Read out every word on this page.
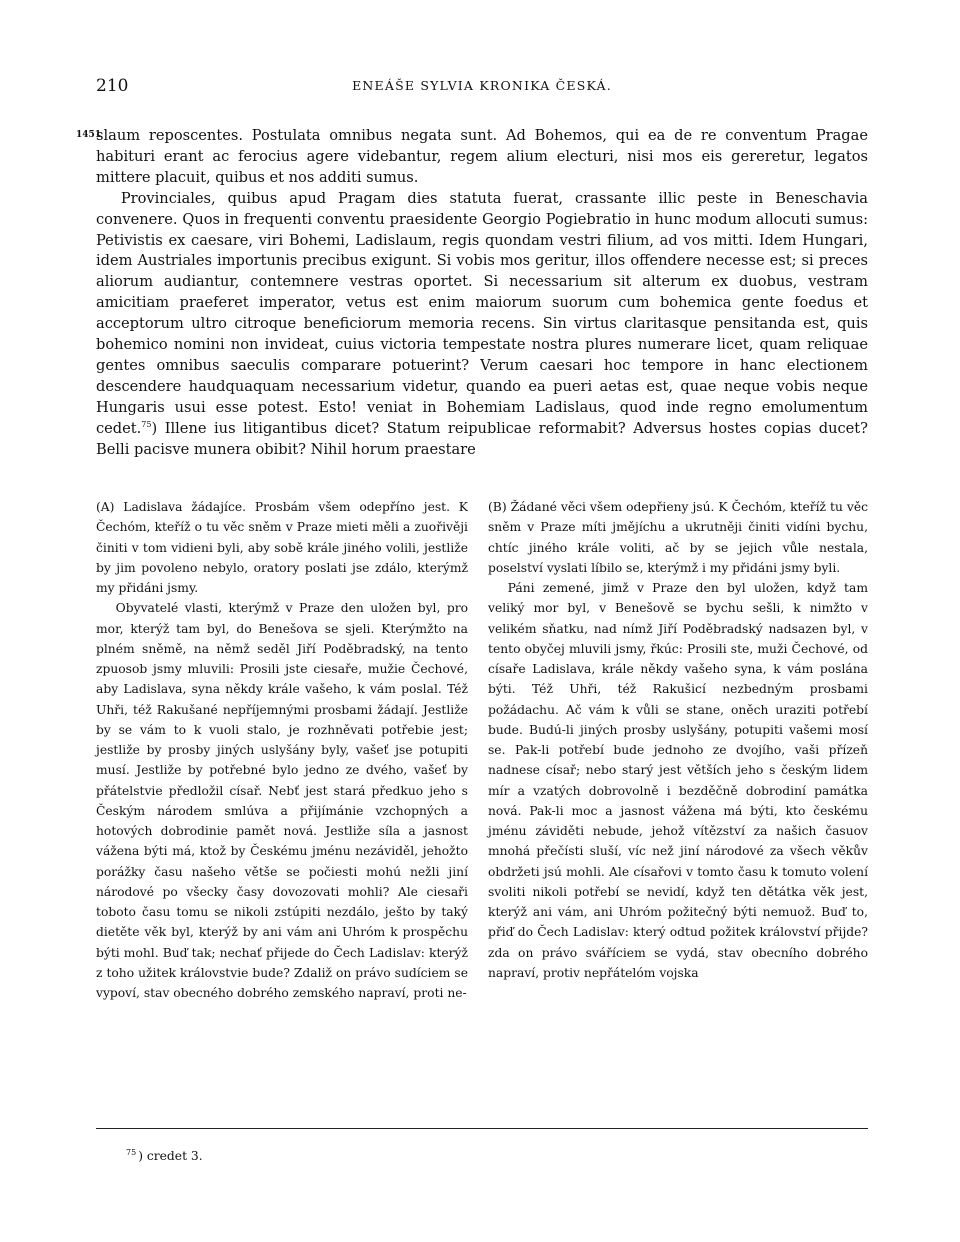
210	ENEÁŠE SYLVIA KRONIKA ČESKÁ.
1451

slaum reposcentes. Postulata omnibus negata sunt. Ad Bohemos, qui ea de re conventum Pragae habituri erant ac ferocius agere videbantur, regem alium electuri, nisi mos eis gereretur, legatos mittere placuit, quibus et nos additi sumus.

Provinciales, quibus apud Pragam dies statuta fuerat, crassante illic peste in Beneschavia convenere. Quos in frequenti conventu praesidente Georgio Pogiebratio in hunc modum allocuti sumus: Petivistis ex caesare, viri Bohemi, Ladislaum, regis quondam vestri filium, ad vos mitti. Idem Hungari, idem Austriales importunis precibus exigunt. Si vobis mos geritur, illos offendere necesse est; si preces aliorum audiantur, contemnere vestras oportet. Si necessarium sit alterum ex duobus, vestram amicitiam praeferet imperator, vetus est enim maiorum suorum cum bohemica gente foedus et acceptorum ultro citroque beneficiorum memoria recens. Sin virtus claritasque pensitanda est, quis bohemico nomini non invideat, cuius victoria tempestate nostra plures numerare licet, quam reliquae gentes omnibus saeculis comparare potuerint? Verum caesari hoc tempore in hanc electionem descendere haudquaquam necessarium videtur, quando ea pueri aetas est, quae neque vobis neque Hungaris usui esse potest. Esto! veniat in Bohemiam Ladislaus, quod inde regno emolumentum cedet.$^{75}$) Illene ius litigantibus dicet? Statum reipublicae reformabit? Adversus hostes copias ducet? Belli pacisve munera obibit? Nihil horum praestare

(A) Ladislava žádajíce. Prosbám všem odepříno jest. K Čechóm, kteříž o tu věc sněm v Praze mieti měli a zuořivěji činiti v tom vidieni byli, aby sobě krále jiného volili, jestliže by jim povoleno nebylo, oratory poslati jse zdálo, kterýmž my přidáni jsmy.

Obyvatelé vlasti, kterýmž v Praze den uložen byl, pro mor, kterýž tam byl, do Benešova se sjeli. Kterýmžto na plném sněmě, na němž seděl Jiří Poděbradský, na tento zpuosob jsmy mluvili: Prosili jste ciesaře, mužie Čechové, aby Ladislava, syna někdy krále vašeho, k vám poslal. Též Uhři, též Rakušané nepříjemnými prosbami žádají. Jestliže by se vám to k vuoli stalo, je rozhněvati potřebie jest; jestliže by prosby jiných uslyšány byly, vašeť jse potupiti musí. Jestliže by potřebné bylo jedno ze dvého, vašeť by přátelstvie předložil císař. Nebť jest stará předkuo jeho s Českým národem smlúva a přijímánie vzchopných a hotových dobrodinie pamět nová. Jestliže síla a jasnost vážena býti má, ktož by Českému jménu nezáviděl, jehožto porážky času našeho větše se počiesti mohú nežli jiní národové po všecky časy dovozovati mohli? Ale ciesaři toboto času tomu se nikoli zstúpiti nezdálo, ješto by taký dietěte věk byl, kterýž by ani vám ani Uhróm k prospěchu býti mohl. Buď tak; nechať přijede do Čech Ladislav: kterýž z toho užitek královstvie bude? Zdaliž on právo sudíciem se vypoví, stav obecného dobrého zemského napraví, proti ne-

(B) Žádané věci všem odepřieny jsú. K Čechóm, kteříž tu věc sněm v Praze míti jmějíchu a ukrutněji činiti vidíni bychu, chtíc jiného krále voliti, ač by se jejich vůle nestala, poselství vyslati líbilo se, kterýmž i my přidáni jsmy byli.

Páni zemené, jimž v Praze den byl uložen, když tam veliký mor byl, v Benešově se bychu sešli, k nimžto v velikém sňatku, nad nímž Jiří Poděbradský nadsazen byl, v tento obyčej mluvili jsmy, řkúc: Prosili ste, muži Čechové, od císaře Ladislava, krále někdy vašeho syna, k vám poslána býti. Též Uhři, též Rakušicí nezbedným prosbami požádachu. Ač vám k vůli se stane, oněch uraziti potřebí bude. Budú-li jiných prosby uslyšány, potupiti vašemi mosí se. Pak-li potřebí bude jednoho ze dvojího, vaši přízeň nadnese císař; nebo starý jest větších jeho s českým lidem mír a vzatých dobrovolně i bezděčně dobrodiní památka nová. Pak-li moc a jasnost vážena má býti, kto českému jménu záviděti nebude, jehož vítězství za našich časuov mnohá přečísti sluší, víc než jiní národové za všech věkův obdržeti jsú mohli. Ale císařovi v tomto času k tomuto volení svoliti nikoli potřebí se nevidí, když ten dětátka věk jest, kterýž ani vám, ani Uhróm požitečný býti nemuož. Buď to, přiď do Čech Ladislav: který odtud požitek království přijde? zda on právo sváříciem se vydá, stav obecního dobrého napraví, protiv nepřátelóm vojska

$^{75}$ ) credet 3.
